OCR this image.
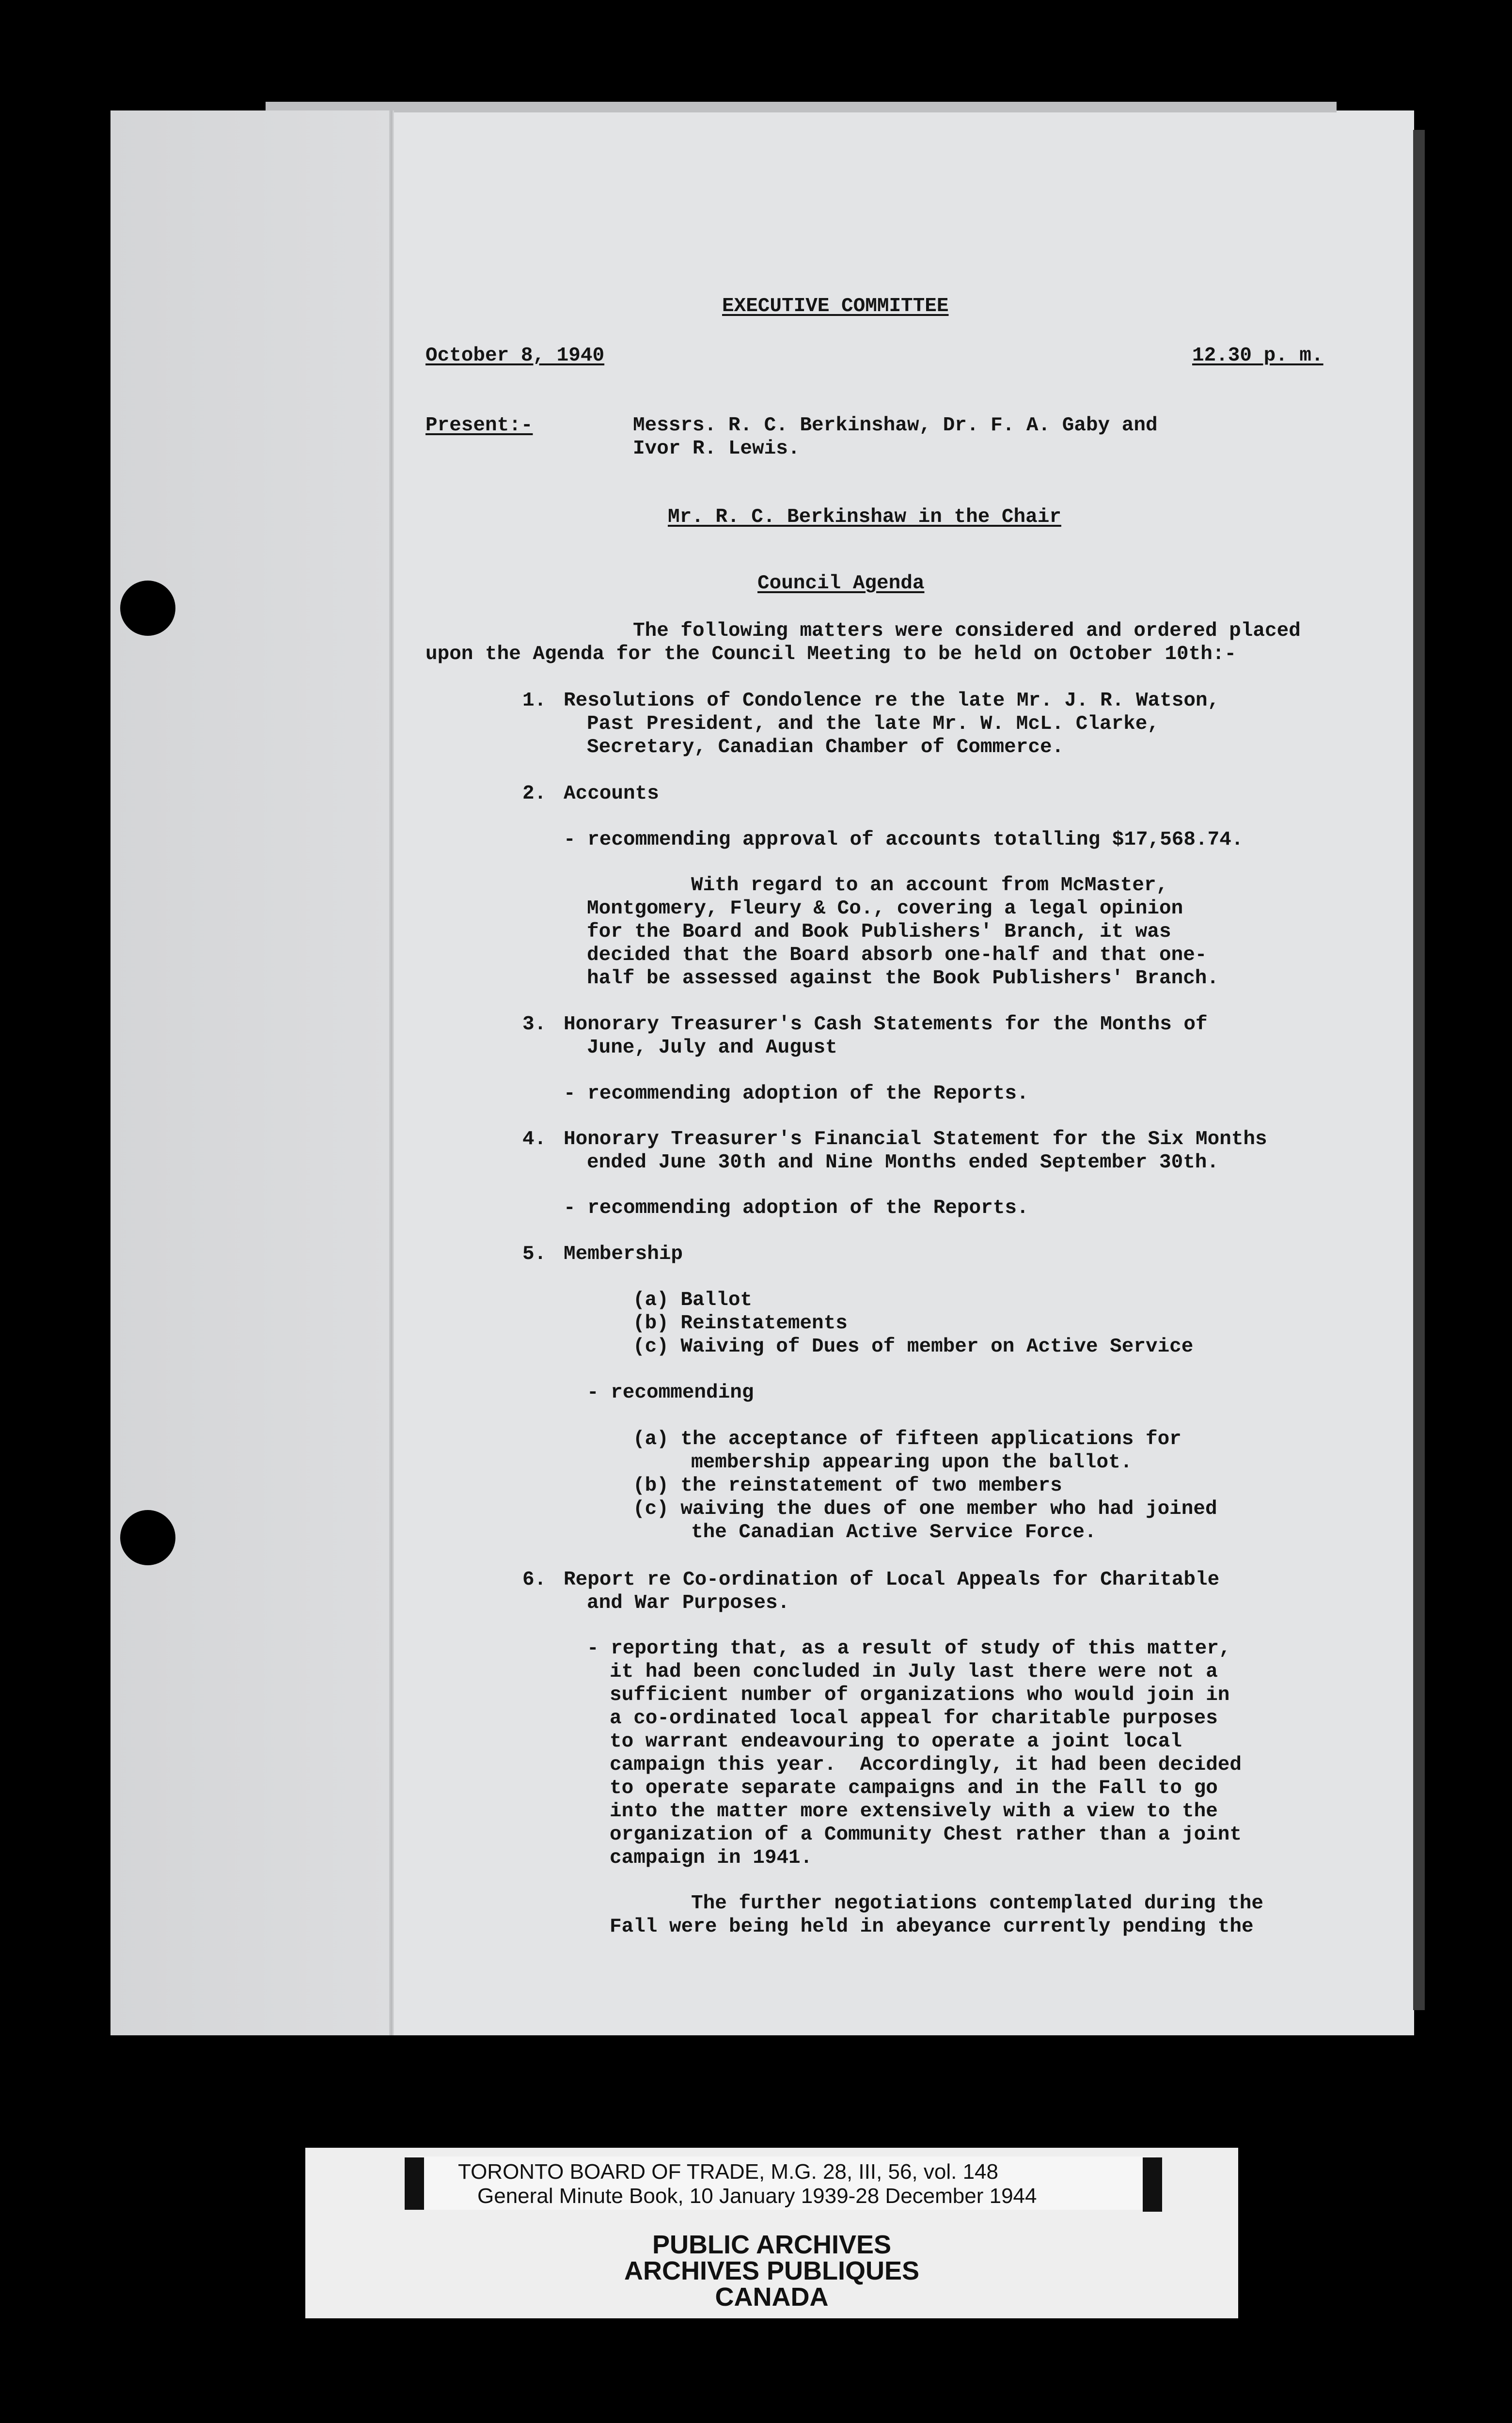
EXECUTIVE COMMITTEE
October 8, 1940	12.30 p. m.
Present:-	Messrs. R. C. Berkinshaw, Dr. F. A. Gaby and
Ivor R. Lewis.
Mr. R. C. Berkinshaw in the Chair
Council Agenda
The following matters were considered and ordered placed
upon the Agenda for the Council Meeting to be held on October 10th:-
1. Resolutions of Condolence re the late Mr. J. R. Watson,
Past President, and the late Mr. W. McL. Clarke,
Secretary, Canadian Chamber of Commerce.
2. Accounts
- recommending approval of accounts totalling $17,568.74.
With regard to an account from McMaster,
Montgomery, Fleury & Co., covering a legal opinion
for the Board and Book Publishers' Branch, it was
decided that the Board absorb one-half and that one-
half be assessed against the Book Publishers' Branch.
3. Honorary Treasurer's Cash Statements for the Months of
June, July and August
- recommending adoption of the Reports.
4. Honorary Treasurer's Financial Statement for the Six Months
ended June 30th and Nine Months ended September 30th.
- recommending adoption of the Reports.
5. Membership
(a) Ballot
(b) Reinstatements
(c) Waiving of Dues of member on Active Service
- recommending
(a) the acceptance of fifteen applications for
membership appearing upon the ballot.
(b) the reinstatement of two members
(c) waiving the dues of one member who had joined
the Canadian Active Service Force.
6. Report re Co-ordination of Local Appeals for Charitable
and War Purposes.
- reporting that, as a result of study of this matter,
it had been concluded in July last there were not a
sufficient number of organizations who would join in
a co-ordinated local appeal for charitable purposes
to warrant endeavouring to operate a joint local
campaign this year.  Accordingly, it had been decided
to operate separate campaigns and in the Fall to go
into the matter more extensively with a view to the
organization of a Community Chest rather than a joint
campaign in 1941.
The further negotiations contemplated during the
Fall were being held in abeyance currently pending the
TORONTO BOARD OF TRADE, M.G. 28, III, 56, vol. 148
General Minute Book, 10 January 1939-28 December 1944
PUBLIC ARCHIVES
ARCHIVES PUBLIQUES
CANADA
